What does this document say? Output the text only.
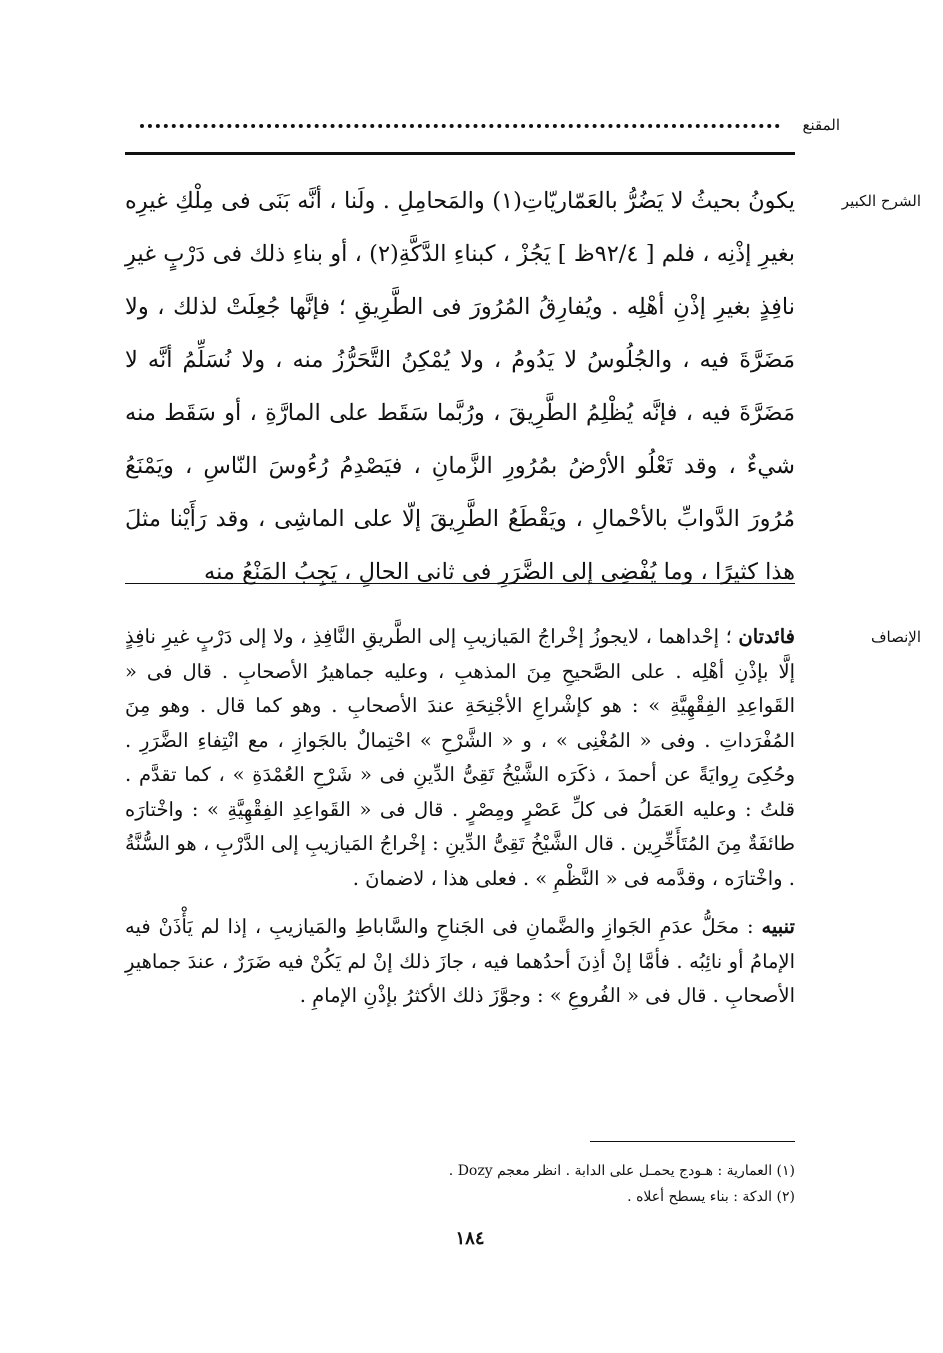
المقنع
الشرح الكبير

يكونُ بحيثُ لا يَضُرُّ بالعَمّاريّاتِ(١) والمَحامِلِ . ولَنا ، أنَّه بَنَى فى مِلْكِ غيرِه بغيرِ إذْنِه ، فلم [ ٩٢/٤ظ ] يَجُزْ ، كبناءِ الدَّكَّةِ(٢) ، أو بناءِ ذلك فى دَرْبٍ غيرِ نافِذٍ بغيرِ إذْنِ أهْلِه . ويُفارِقُ المُرُورَ فى الطَّرِيقِ ؛ فإنَّها جُعِلَتْ لذلك ، ولا مَضَرَّةَ فيه ، والجُلُوسُ لا يَدُومُ ، ولا يُمْكِنُ التَّحَرُّزُ منه ، ولا نُسَلِّمُ أنَّه لا مَضَرَّةَ فيه ، فإنَّه يُظْلِمُ الطَّرِيقَ ، ورُبَّما سَقَط على المارَّةِ ، أو سَقَط منه شيءٌ ، وقد تَعْلُو الأرْضُ بمُرُورِ الزَّمانِ ، فيَصْدِمُ رُءُوسَ النّاسِ ، ويَمْنَعُ مُرُورَ الدَّوابِّ بالأحْمالِ ، ويَقْطَعُ الطَّرِيقَ إلّا على الماشِى ، وقد رَأَيْنا مثلَ هذا كثيرًا ، وما يُفْضِى إلى الضَّرَرِ فى ثانى الحالِ ، يَجِبُ المَنْعُ منه

الإنصاف

فائدتان ؛ إحْداهما ، لايجوزُ إخْراجُ المَيازيبِ إلى الطَّريقِ النَّافِذِ ، ولا إلى دَرْبٍ غيرِ نافِذٍ إلَّا بإذْنِ أهْلِه . على الصَّحيحِ مِنَ المذهبِ ، وعليه جماهيرُ الأصحابِ . قال فى « القَواعِدِ الفِقْهِيَّةِ » : هو كإشْراعِ الأجْنِحَةِ عندَ الأصحابِ . وهو كما قال . وهو مِنَ المُفْرَداتِ . وفى « المُغْنِى » ، و « الشَّرْحِ » احْتِمالٌ بالجَوازِ ، مع انْتِفاءِ الضَّرَرِ . وحُكِىَ رِوايَةً عن أحمدَ ، ذكَرَه الشَّيْخُ تَقِىُّ الدِّينِ فى « شَرْحِ العُمْدَةِ » ، كما تقدَّم . قلتُ : وعليه العَمَلُ فى كلِّ عَصْرٍ ومِصْرٍ . قال فى « القَواعِدِ الفِقْهِيَّةِ » : واخْتارَه طائفَةٌ مِنَ المُتَأَخِّرِين . قال الشَّيْخُ تَقِىُّ الدِّينِ : إخْراجُ المَيازيبِ إلى الدَّرْبِ ، هو السُّنَّةُ . واخْتارَه ، وقدَّمه فى « النَّظْمِ » . فعلى هذا ، لاضمانَ .

تنبيه : محَلُّ عدَمِ الجَوازِ والضَّمانِ فى الجَناحِ والسَّاباطِ والمَيازيبِ ، إذا لم يَأْذَنْ فيه الإمامُ أو نائِبُه . فأمَّا إنْ أذِنَ أحدُهما فيه ، جازَ ذلك إنْ لم يَكُنْ فيه ضَرَرٌ ، عندَ جماهيرِ الأصحابِ . قال فى « الفُروعِ » : وجوَّزَ ذلك الأكثرُ بإذْنِ الإمامِ .

(١) العمارية : هـودج يحمـل على الدابة . انظر معجم Dozy .
(٢) الدكة : بناء يسطح أعلاه .
١٨٤
